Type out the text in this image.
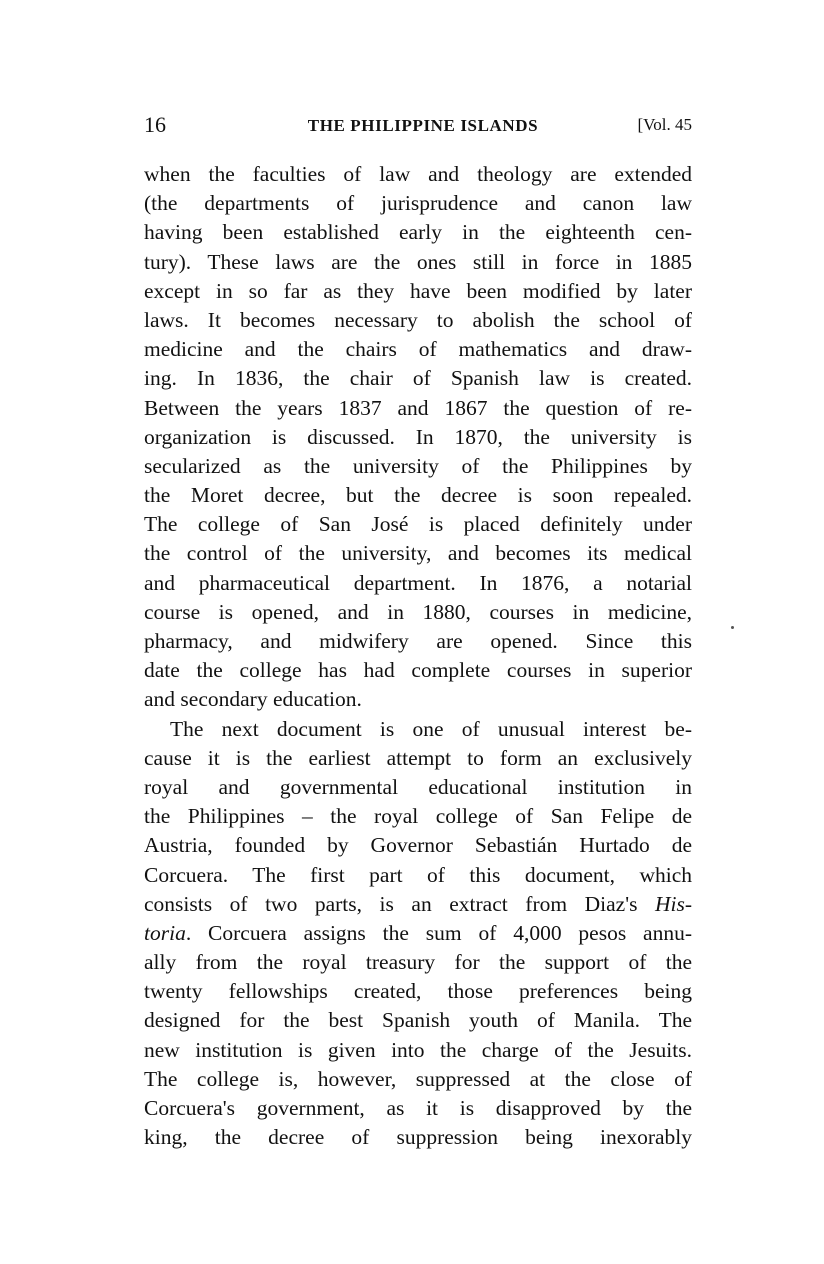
16	THE PHILIPPINE ISLANDS	[Vol. 45
when the faculties of law and theology are extended
(the departments of jurisprudence and canon law
having been established early in the eighteenth cen-
tury). These laws are the ones still in force in 1885
except in so far as they have been modified by later
laws. It becomes necessary to abolish the school of
medicine and the chairs of mathematics and draw-
ing. In 1836, the chair of Spanish law is created.
Between the years 1837 and 1867 the question of re-
organization is discussed. In 1870, the university is
secularized as the university of the Philippines by
the Moret decree, but the decree is soon repealed.
The college of San José is placed definitely under
the control of the university, and becomes its medical
and pharmaceutical department. In 1876, a notarial
course is opened, and in 1880, courses in medicine,
pharmacy, and midwifery are opened. Since this
date the college has had complete courses in superior
and secondary education.
The next document is one of unusual interest be-
cause it is the earliest attempt to form an exclusively
royal and governmental educational institution in
the Philippines – the royal college of San Felipe de
Austria, founded by Governor Sebastián Hurtado de
Corcuera. The first part of this document, which
consists of two parts, is an extract from Diaz's His-
toria. Corcuera assigns the sum of 4,000 pesos annu-
ally from the royal treasury for the support of the
twenty fellowships created, those preferences being
designed for the best Spanish youth of Manila. The
new institution is given into the charge of the Jesuits.
The college is, however, suppressed at the close of
Corcuera's government, as it is disapproved by the
king, the decree of suppression being inexorably
